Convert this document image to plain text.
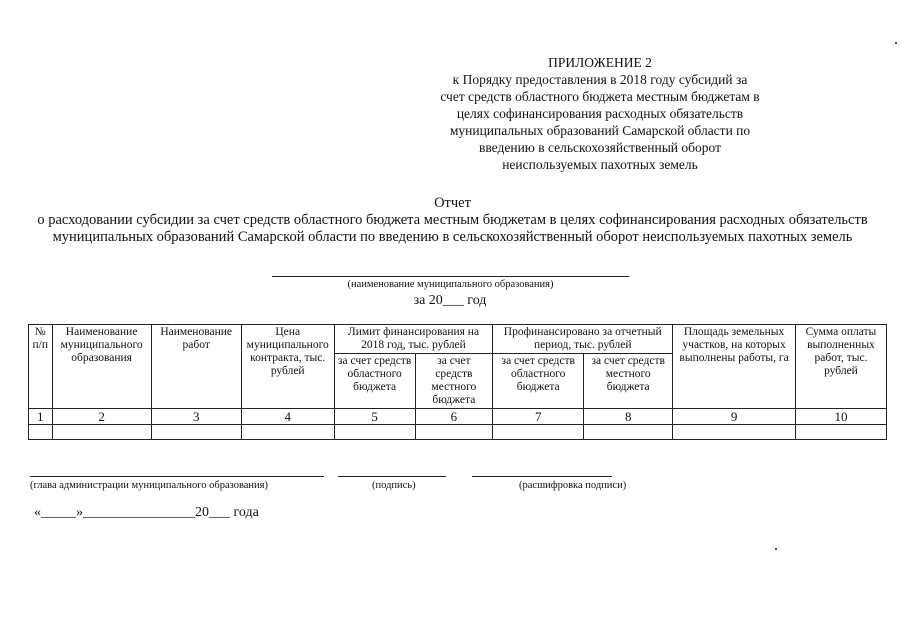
ПРИЛОЖЕНИЕ 2
к Порядку предоставления в 2018 году субсидий за счет средств областного бюджета местным бюджетам в целях софинансирования расходных обязательств муниципальных образований Самарской области по введению в сельскохозяйственный оборот неиспользуемых пахотных земель
Отчет
о расходовании субсидии за счет средств областного бюджета местным бюджетам в целях софинансирования расходных обязательств муниципальных образований Самарской области по введению в сельскохозяйственный оборот неиспользуемых пахотных земель
(наименование муниципального образования)
за 20___ год
№ п/п	Наименование муниципального образования	Наименование работ	Цена муниципального контракта, тыс. рублей	Лимит финансирования на 2018 год, тыс. рублей		Профинансировано за отчетный период, тыс. рублей		Площадь земельных участков, на которых выполнены работы, га	Сумма оплаты выполненных работ, тыс. рублей
				за счет средств областного бюджета	за счет средств местного бюджета	за счет средств областного бюджета	за счет средств местного бюджета		
1	2	3	4	5	6	7	8	9	10

(глава администрации муниципального образования)	(подпись)	(расшифровка подписи)
«_____»________________20___ года
